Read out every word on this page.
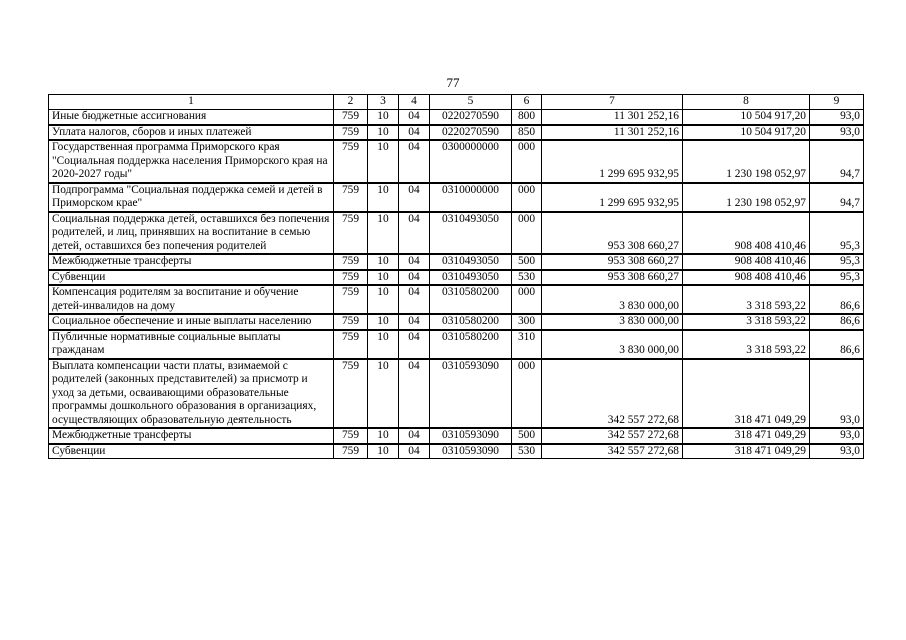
77
1	2	3	4	5	6	7	8	9
Иные бюджетные ассигнования	759	10	04	0220270590	800	11 301 252,16	10 504 917,20	93,0
Уплата налогов, сборов и иных платежей	759	10	04	0220270590	850	11 301 252,16	10 504 917,20	93,0
Государственная программа Приморского края "Социальная поддержка населения Приморского края на 2020-2027 годы"	759	10	04	0300000000	000	1 299 695 932,95	1 230 198 052,97	94,7
Подпрограмма "Социальная поддержка семей и детей в Приморском крае"	759	10	04	0310000000	000	1 299 695 932,95	1 230 198 052,97	94,7
Социальная поддержка детей, оставшихся без попечения родителей, и лиц, принявших на воспитание в семью детей, оставшихся без попечения родителей	759	10	04	0310493050	000	953 308 660,27	908 408 410,46	95,3
Межбюджетные трансферты	759	10	04	0310493050	500	953 308 660,27	908 408 410,46	95,3
Субвенции	759	10	04	0310493050	530	953 308 660,27	908 408 410,46	95,3
Компенсация родителям за воспитание и обучение детей-инвалидов на дому	759	10	04	0310580200	000	3 830 000,00	3 318 593,22	86,6
Социальное обеспечение и иные выплаты населению	759	10	04	0310580200	300	3 830 000,00	3 318 593,22	86,6
Публичные нормативные социальные выплаты гражданам	759	10	04	0310580200	310	3 830 000,00	3 318 593,22	86,6
Выплата компенсации части платы, взимаемой с родителей (законных представителей) за присмотр и уход за детьми, осваивающими образовательные программы дошкольного образования в организациях, осуществляющих образовательную деятельность	759	10	04	0310593090	000	342 557 272,68	318 471 049,29	93,0
Межбюджетные трансферты	759	10	04	0310593090	500	342 557 272,68	318 471 049,29	93,0
Субвенции	759	10	04	0310593090	530	342 557 272,68	318 471 049,29	93,0
